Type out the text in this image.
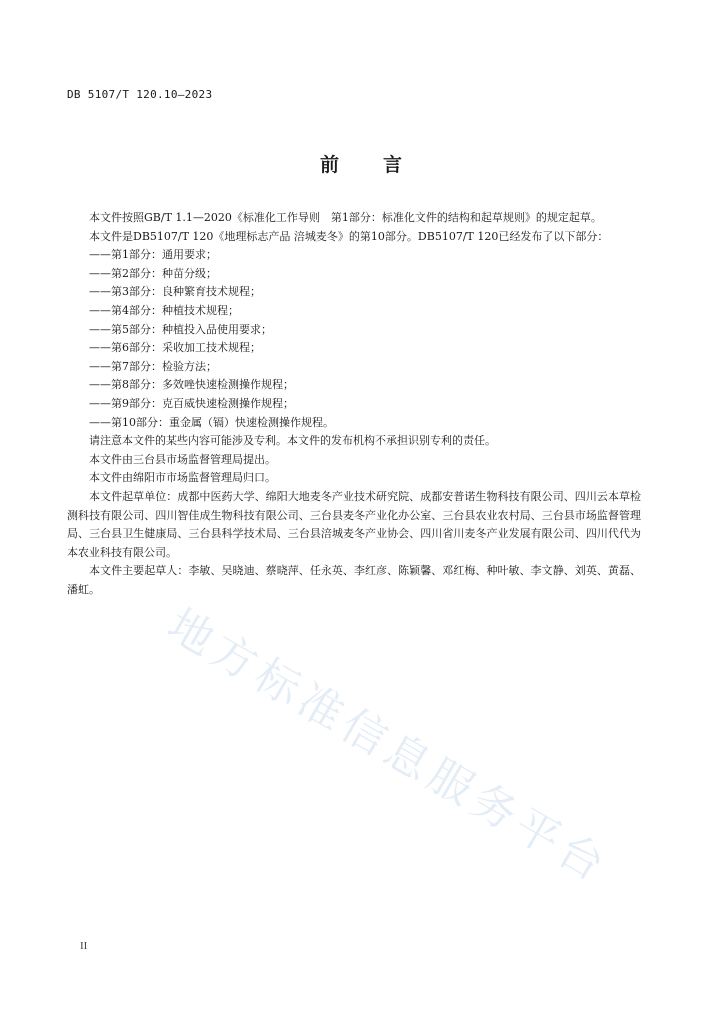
DB 5107/T 120.10—2023
前 言

本文件按照GB/T 1.1—2020《标准化工作导则　第1部分：标准化文件的结构和起草规则》的规定起草。

本文件是DB5107/T 120《地理标志产品 涪城麦冬》的第10部分。DB5107/T 120已经发布了以下部分：

——第1部分：通用要求；

——第2部分：种苗分级；

——第3部分：良种繁育技术规程；

——第4部分：种植技术规程；

——第5部分：种植投入品使用要求；

——第6部分：采收加工技术规程；

——第7部分：检验方法；

——第8部分：多效唑快速检测操作规程；

——第9部分：克百威快速检测操作规程；

——第10部分：重金属（镉）快速检测操作规程。

请注意本文件的某些内容可能涉及专利。本文件的发布机构不承担识别专利的责任。

本文件由三台县市场监督管理局提出。

本文件由绵阳市市场监督管理局归口。

本文件起草单位：成都中医药大学、绵阳大地麦冬产业技术研究院、成都安普诺生物科技有限公司、四川云本草检测科技有限公司、四川智佳成生物科技有限公司、三台县麦冬产业化办公室、三台县农业农村局、三台县市场监督管理局、三台县卫生健康局、三台县科学技术局、三台县涪城麦冬产业协会、四川省川麦冬产业发展有限公司、四川代代为本农业科技有限公司。

本文件主要起草人：李敏、吴晓迪、蔡晓萍、任永英、李红彦、陈颖馨、邓红梅、种叶敏、李文静、刘英、黄磊、潘虹。

地方标准信息服务平台
II
